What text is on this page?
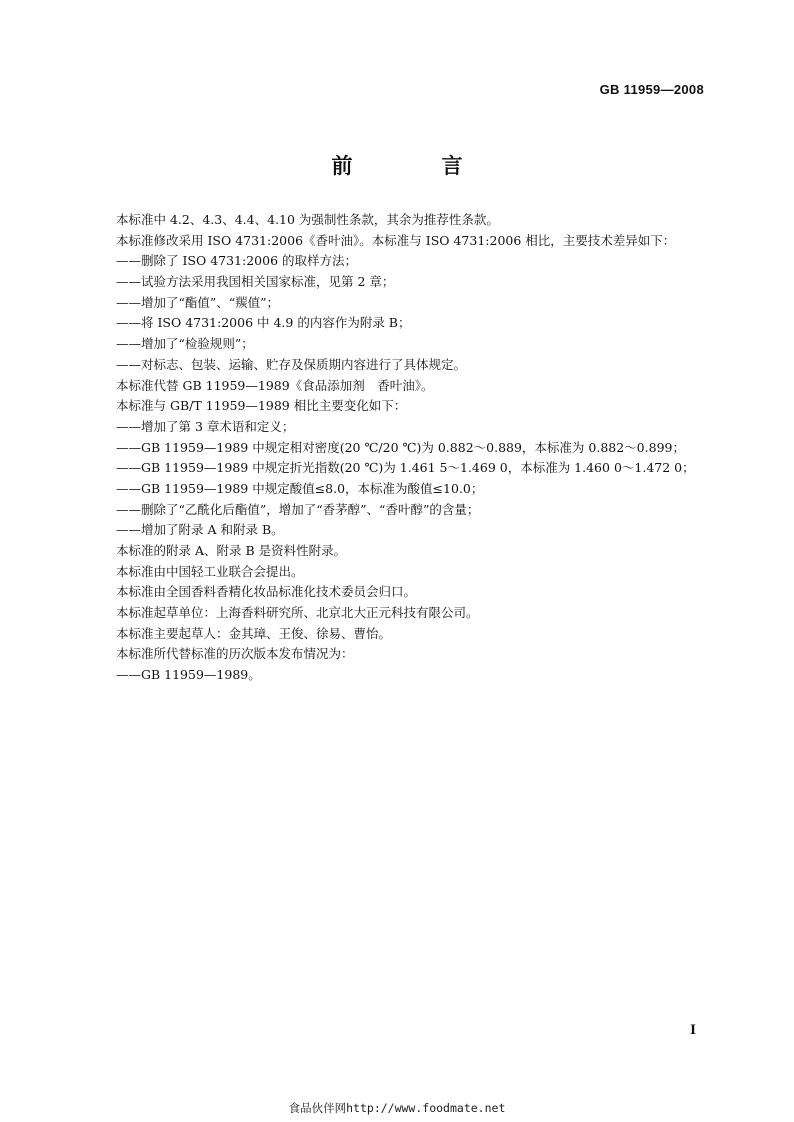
GB 11959—2008
前　言
本标准中 4.2、4.3、4.4、4.10 为强制性条款，其余为推荐性条款。
本标准修改采用 ISO 4731:2006《香叶油》。本标准与 ISO 4731:2006 相比，主要技术差异如下：
——删除了 ISO 4731:2006 的取样方法；
——试验方法采用我国相关国家标准，见第 2 章；
——增加了“酯值”、“羰值”；
——将 ISO 4731:2006 中 4.9 的内容作为附录 B；
——增加了“检验规则”；
——对标志、包装、运输、贮存及保质期内容进行了具体规定。
本标准代替 GB 11959—1989《食品添加剂　香叶油》。
本标准与 GB/T 11959—1989 相比主要变化如下：
——增加了第 3 章术语和定义；
——GB 11959—1989 中规定相对密度(20 ℃/20 ℃)为 0.882～0.889，本标准为 0.882～0.899；
——GB 11959—1989 中规定折光指数(20 ℃)为 1.461 5～1.469 0，本标准为 1.460 0～1.472 0；
——GB 11959—1989 中规定酸值≤8.0，本标准为酸值≤10.0；
——删除了“乙酰化后酯值”，增加了“香茅醇”、“香叶醇”的含量；
——增加了附录 A 和附录 B。
本标准的附录 A、附录 B 是资料性附录。
本标准由中国轻工业联合会提出。
本标准由全国香料香精化妆品标准化技术委员会归口。
本标准起草单位：上海香料研究所、北京北大正元科技有限公司。
本标准主要起草人：金其璋、王俊、徐易、曹怡。
本标准所代替标准的历次版本发布情况为：
——GB 11959—1989。
I
食品伙伴网http://www.foodmate.net
